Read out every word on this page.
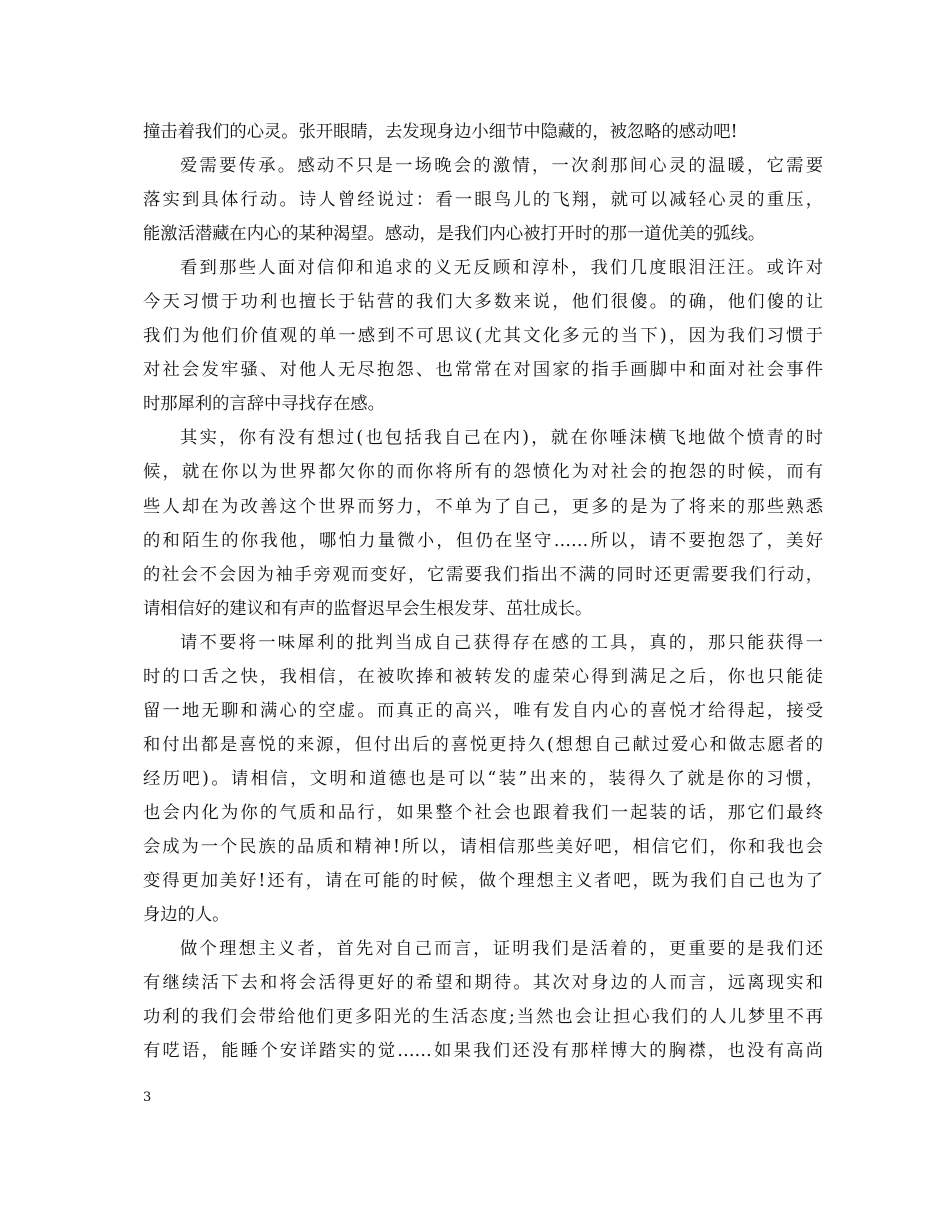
撞击着我们的心灵。张开眼睛，去发现身边小细节中隐藏的，被忽略的感动吧!
爱需要传承。感动不只是一场晚会的激情，一次刹那间心灵的温暖，它需要
落实到具体行动。诗人曾经说过：看一眼鸟儿的飞翔，就可以减轻心灵的重压，
能激活潜藏在内心的某种渴望。感动，是我们内心被打开时的那一道优美的弧线。
看到那些人面对信仰和追求的义无反顾和淳朴，我们几度眼泪汪汪。或许对
今天习惯于功利也擅长于钻营的我们大多数来说，他们很傻。的确，他们傻的让
我们为他们价值观的单一感到不可思议(尤其文化多元的当下)，因为我们习惯于
对社会发牢骚、对他人无尽抱怨、也常常在对国家的指手画脚中和面对社会事件
时那犀利的言辞中寻找存在感。
其实，你有没有想过(也包括我自己在内)，就在你唾沫横飞地做个愤青的时
候，就在你以为世界都欠你的而你将所有的怨愤化为对社会的抱怨的时候，而有
些人却在为改善这个世界而努力，不单为了自己，更多的是为了将来的那些熟悉
的和陌生的你我他，哪怕力量微小，但仍在坚守……所以，请不要抱怨了，美好
的社会不会因为袖手旁观而变好，它需要我们指出不满的同时还更需要我们行动，
请相信好的建议和有声的监督迟早会生根发芽、茁壮成长。
请不要将一味犀利的批判当成自己获得存在感的工具，真的，那只能获得一
时的口舌之快，我相信，在被吹捧和被转发的虚荣心得到满足之后，你也只能徒
留一地无聊和满心的空虚。而真正的高兴，唯有发自内心的喜悦才给得起，接受
和付出都是喜悦的来源，但付出后的喜悦更持久(想想自己献过爱心和做志愿者的
经历吧)。请相信，文明和道德也是可以“装”出来的，装得久了就是你的习惯，
也会内化为你的气质和品行，如果整个社会也跟着我们一起装的话，那它们最终
会成为一个民族的品质和精神!所以，请相信那些美好吧，相信它们，你和我也会
变得更加美好!还有，请在可能的时候，做个理想主义者吧，既为我们自己也为了
身边的人。
做个理想主义者，首先对自己而言，证明我们是活着的，更重要的是我们还
有继续活下去和将会活得更好的希望和期待。其次对身边的人而言，远离现实和
功利的我们会带给他们更多阳光的生活态度;当然也会让担心我们的人儿梦里不再
有呓语，能睡个安详踏实的觉……如果我们还没有那样博大的胸襟，也没有高尚
3
